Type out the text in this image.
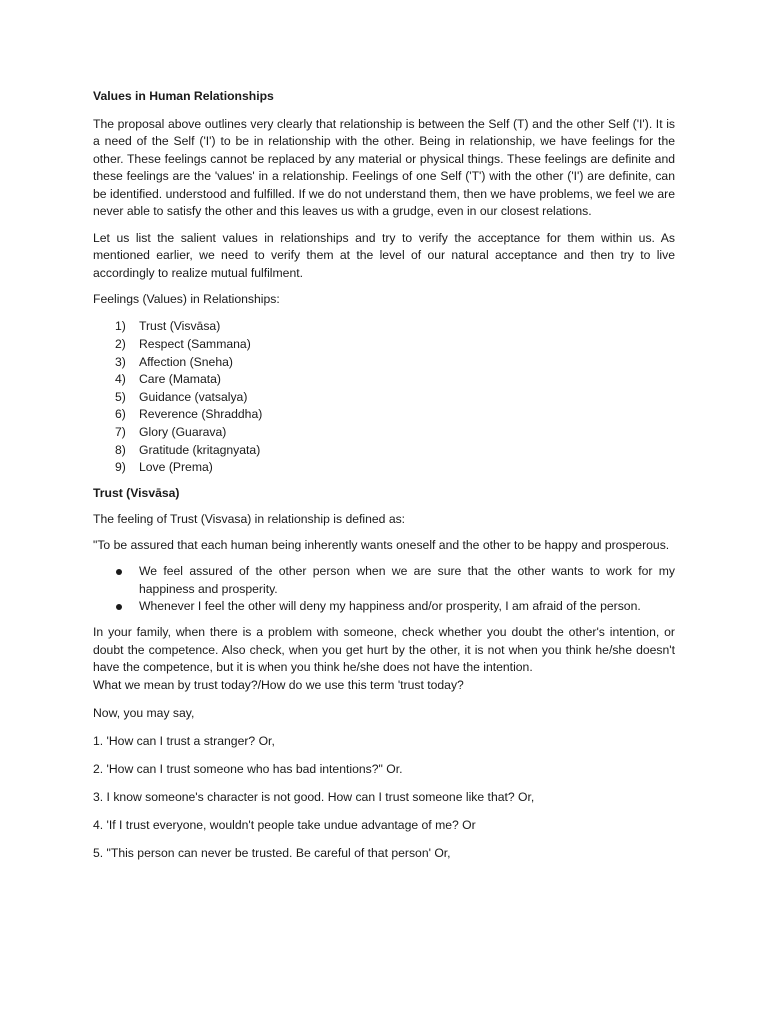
Values in Human Relationships

The proposal above outlines very clearly that relationship is between the Self (T) and the other Self ('I'). It is a need of the Self ('I') to be in relationship with the other. Being in relationship, we have feelings for the other. These feelings cannot be replaced by any material or physical things. These feelings are definite and these feelings are the 'values' in a relationship. Feelings of one Self ('T') with the other ('I') are definite, can be identified. understood and fulfilled. If we do not understand them, then we have problems, we feel we are never able to satisfy the other and this leaves us with a grudge, even in our closest relations.

Let us list the salient values in relationships and try to verify the acceptance for them within us. As mentioned earlier, we need to verify them at the level of our natural acceptance and then try to live accordingly to realize mutual fulfilment.

Feelings (Values) in Relationships:

1) Trust (Visvāsa)
2) Respect (Sammana)
3) Affection (Sneha)
4) Care (Mamata)
5) Guidance (vatsalya)
6) Reverence (Shraddha)
7) Glory (Guarava)
8) Gratitude (kritagnyata)
9) Love (Prema)
Trust (Visvāsa)

The feeling of Trust (Visvasa) in relationship is defined as:

"To be assured that each human being inherently wants oneself and the other to be happy and prosperous.

We feel assured of the other person when we are sure that the other wants to work for my happiness and prosperity.
Whenever I feel the other will deny my happiness and/or prosperity, I am afraid of the person.

In your family, when there is a problem with someone, check whether you doubt the other's intention, or doubt the competence. Also check, when you get hurt by the other, it is not when you think he/she doesn't have the competence, but it is when you think he/she does not have the intention.

What we mean by trust today?/How do we use this term 'trust today?

Now, you may say,

1. 'How can I trust a stranger? Or,

2. 'How can I trust someone who has bad intentions?" Or.

3. I know someone's character is not good. How can I trust someone like that? Or,

4. 'If I trust everyone, wouldn't people take undue advantage of me? Or

5. "This person can never be trusted. Be careful of that person' Or,
